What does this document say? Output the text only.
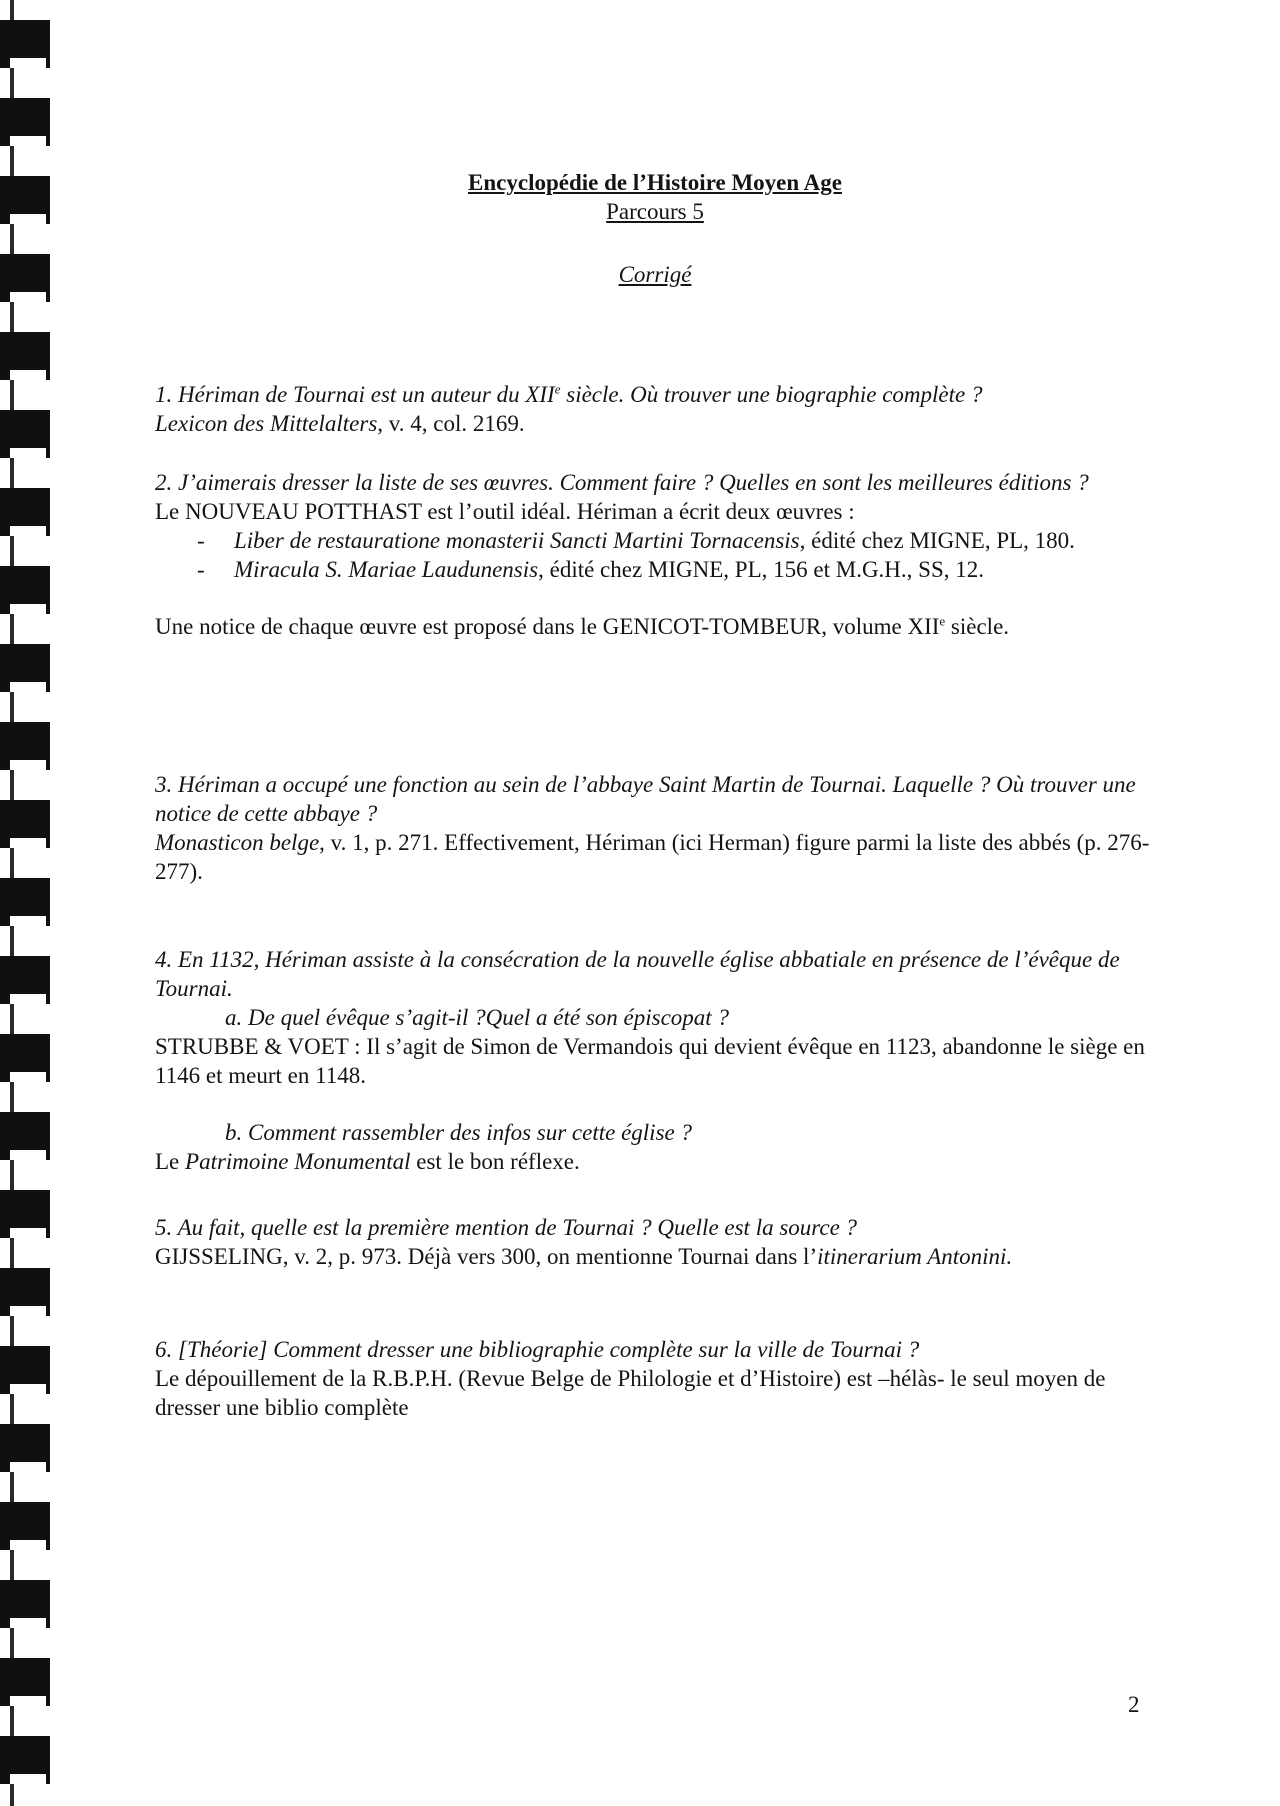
Encyclopédie de l’Histoire Moyen Age
Parcours 5
Corrigé

1. Hériman de Tournai est un auteur du XIIe siècle. Où trouver une biographie complète ?

Lexicon des Mittelalters, v. 4, col. 2169.

2. J’aimerais dresser la liste de ses œuvres. Comment faire ? Quelles en sont les meilleures éditions ?

Le NOUVEAU POTTHAST est l’outil idéal. Hériman a écrit deux œuvres :

- Liber de restauratione monasterii Sancti Martini Tornacensis, édité chez MIGNE, PL, 180.
- Miracula S. Mariae Laudunensis, édité chez MIGNE, PL, 156 et M.G.H., SS, 12.

Une notice de chaque œuvre est proposé dans le GENICOT-TOMBEUR, volume XIIe siècle.

3. Hériman a occupé une fonction au sein de l’abbaye Saint Martin de Tournai. Laquelle ? Où trouver une notice de cette abbaye ?

Monasticon belge, v. 1, p. 271. Effectivement, Hériman (ici Herman) figure parmi la liste des abbés (p. 276-277).

4. En 1132, Hériman assiste à la consécration de la nouvelle église abbatiale en présence de l’évêque de Tournai.

a. De quel évêque s’agit-il ?Quel a été son épiscopat ?

STRUBBE & VOET : Il s’agit de Simon de Vermandois qui devient évêque en 1123, abandonne le siège en 1146 et meurt en 1148.

b. Comment rassembler des infos sur cette église ?

Le Patrimoine Monumental est le bon réflexe.

5. Au fait, quelle est la première mention de Tournai ? Quelle est la source ?

GIJSSELING, v. 2, p. 973. Déjà vers 300, on mentionne Tournai dans l’itinerarium Antonini.

6. [Théorie] Comment dresser une bibliographie complète sur la ville de Tournai ?

Le dépouillement de la R.B.P.H. (Revue Belge de Philologie et d’Histoire) est –hélàs- le seul moyen de dresser une biblio complète

2
